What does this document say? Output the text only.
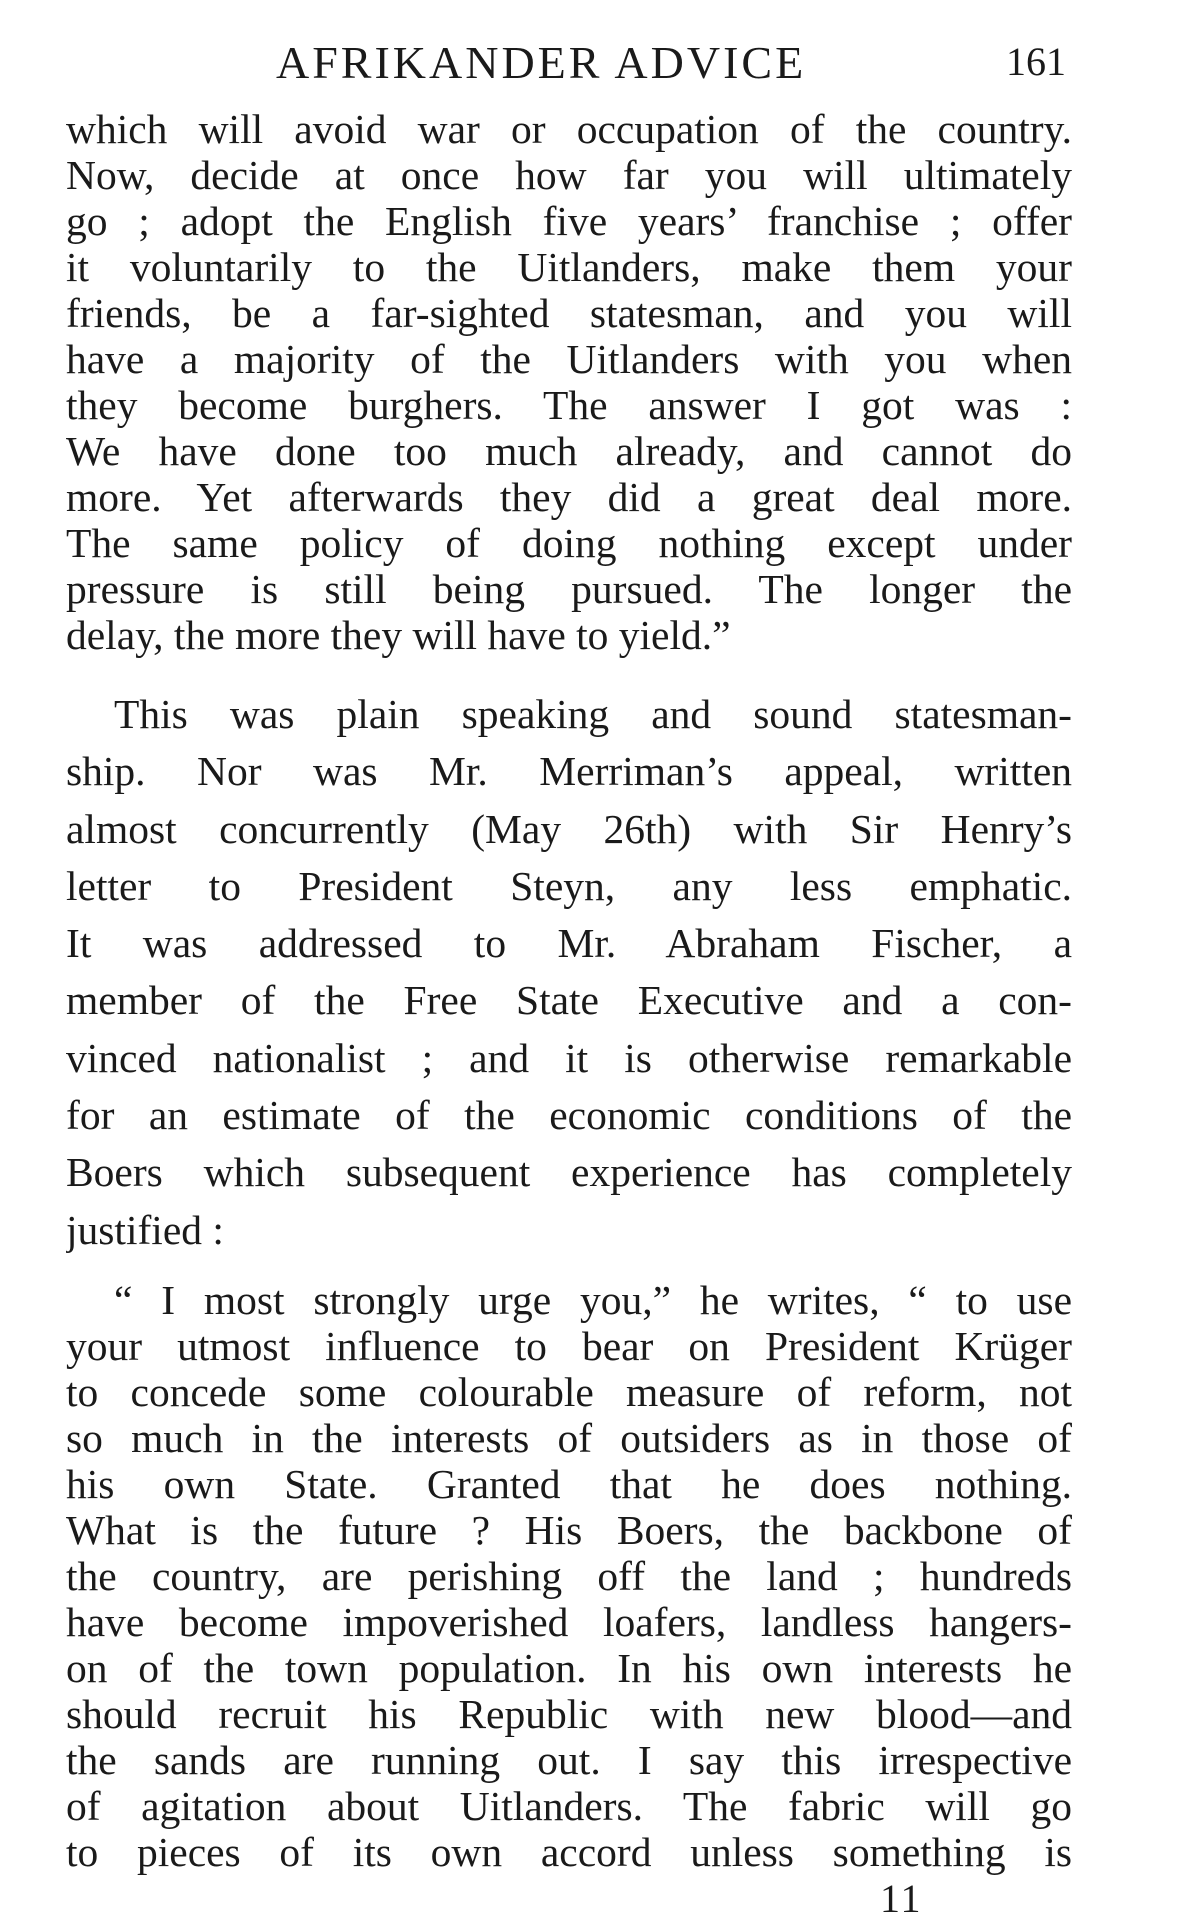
AFRIKANDER ADVICE	161
which will avoid war or occupation of the country.
Now, decide at once how far you will ultimately
go ; adopt the English five years’ franchise ; offer
it voluntarily to the Uitlanders, make them your
friends, be a far-sighted statesman, and you will
have a majority of the Uitlanders with you when
they become burghers. The answer I got was :
We have done too much already, and cannot do
more. Yet afterwards they did a great deal more.
The same policy of doing nothing except under
pressure is still being pursued. The longer the
delay, the more they will have to yield.”
This was plain speaking and sound statesman-
ship. Nor was Mr. Merriman’s appeal, written
almost concurrently (May 26th) with Sir Henry’s
letter to President Steyn, any less emphatic.
It was addressed to Mr. Abraham Fischer, a
member of the Free State Executive and a con-
vinced nationalist ; and it is otherwise remarkable
for an estimate of the economic conditions of the
Boers which subsequent experience has completely
justified :
“ I most strongly urge you,” he writes, “ to use
your utmost influence to bear on President Krüger
to concede some colourable measure of reform, not
so much in the interests of outsiders as in those of
his own State. Granted that he does nothing.
What is the future ? His Boers, the backbone of
the country, are perishing off the land ; hundreds
have become impoverished loafers, landless hangers-
on of the town population. In his own interests he
should recruit his Republic with new blood—and
the sands are running out. I say this irrespective
of agitation about Uitlanders. The fabric will go
to pieces of its own accord unless something is
11
